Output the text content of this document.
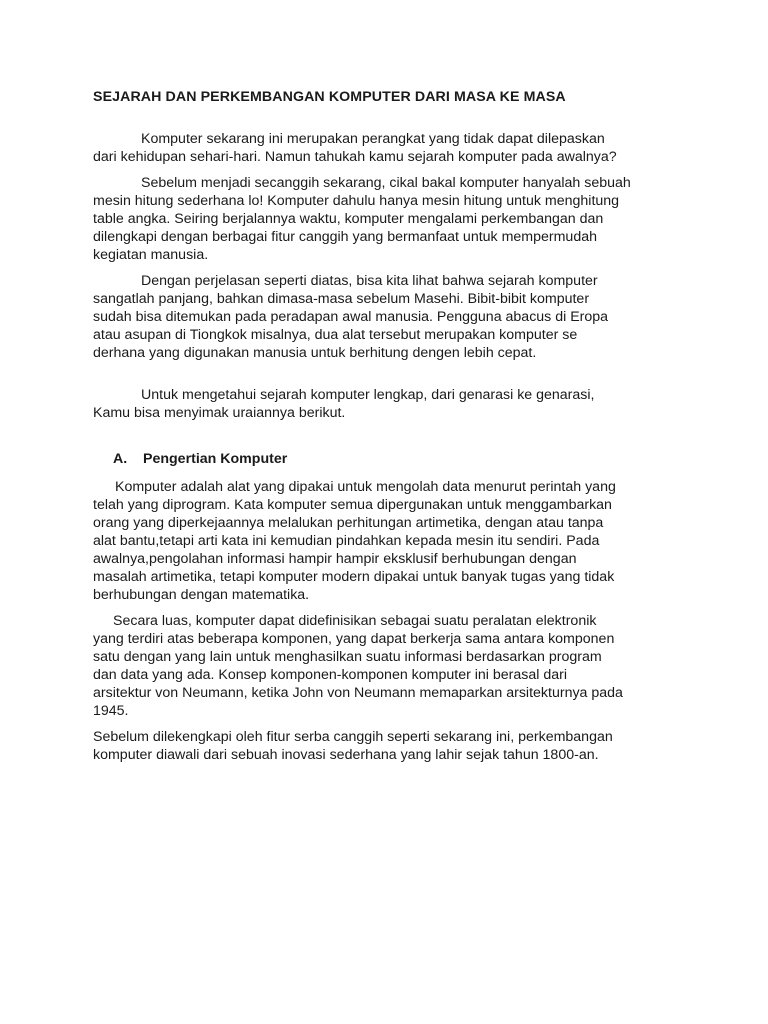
SEJARAH DAN PERKEMBANGAN KOMPUTER DARI MASA KE MASA
Komputer sekarang ini merupakan perangkat yang tidak dapat dilepaskan
dari kehidupan sehari-hari. Namun tahukah kamu sejarah komputer pada awalnya?
Sebelum menjadi secanggih sekarang, cikal bakal komputer hanyalah sebuah
mesin hitung sederhana lo! Komputer dahulu hanya mesin hitung untuk menghitung
table angka. Seiring berjalannya waktu, komputer mengalami perkembangan dan
dilengkapi dengan berbagai fitur canggih yang bermanfaat untuk mempermudah
kegiatan manusia.
Dengan perjelasan seperti diatas, bisa kita lihat bahwa sejarah komputer
sangatlah panjang, bahkan dimasa-masa sebelum Masehi. Bibit-bibit komputer
sudah bisa ditemukan pada peradapan awal manusia. Pengguna abacus di Eropa
atau asupan di Tiongkok misalnya, dua alat tersebut merupakan komputer se
derhana yang digunakan manusia untuk berhitung dengen lebih cepat.
Untuk mengetahui sejarah komputer lengkap, dari genarasi ke genarasi,
Kamu bisa menyimak uraiannya berikut.
A. Pengertian Komputer
Komputer adalah alat yang dipakai untuk mengolah data menurut perintah yang
telah yang diprogram. Kata komputer semua dipergunakan untuk menggambarkan
orang yang diperkejaannya melalukan perhitungan artimetika, dengan atau tanpa
alat bantu,tetapi arti kata ini kemudian pindahkan kepada mesin itu sendiri. Pada
awalnya,pengolahan informasi hampir hampir eksklusif berhubungan dengan
masalah artimetika, tetapi komputer modern dipakai untuk banyak tugas yang tidak
berhubungan dengan matematika.
Secara luas, komputer dapat didefinisikan sebagai suatu peralatan elektronik
yang terdiri atas beberapa komponen, yang dapat berkerja sama antara komponen
satu dengan yang lain untuk menghasilkan suatu informasi berdasarkan program
dan data yang ada. Konsep komponen-komponen komputer ini berasal dari
arsitektur von Neumann, ketika John von Neumann memaparkan arsitekturnya pada
1945.
Sebelum dilekengkapi oleh fitur serba canggih seperti sekarang ini, perkembangan
komputer diawali dari sebuah inovasi sederhana yang lahir sejak tahun 1800-an.
